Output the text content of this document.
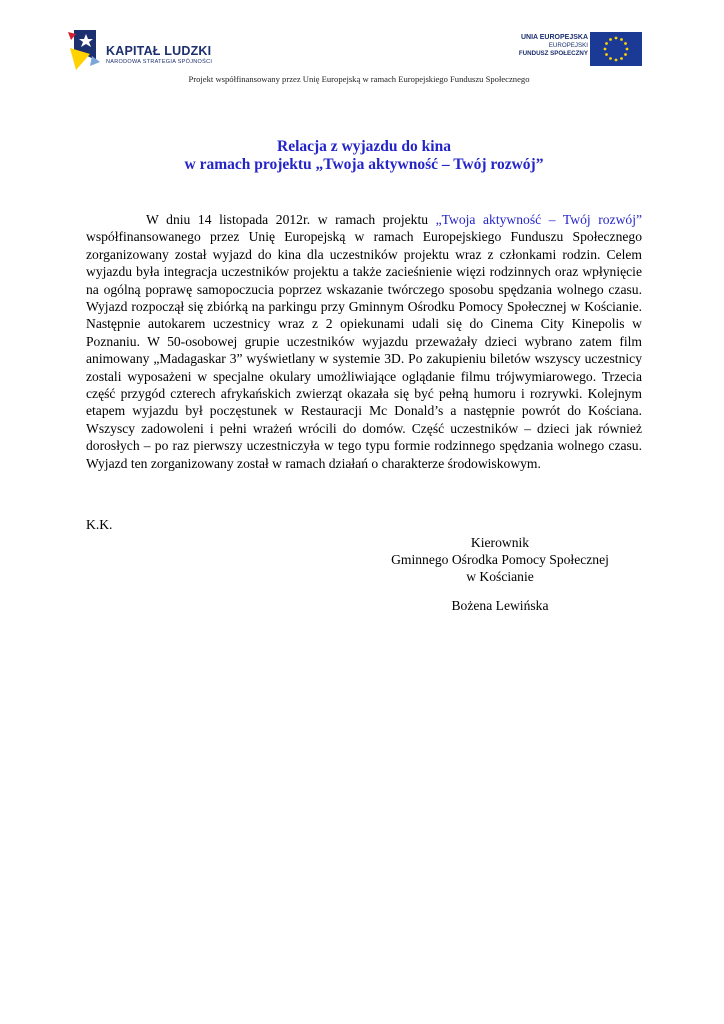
KAPITAŁ LUDZKI
NARODOWA STRATEGIA SPÓJNOŚCI
UNIA EUROPEJSKA
EUROPEJSKI
FUNDUSZ SPOŁECZNY
Projekt współfinansowany przez Unię Europejską w ramach Europejskiego Funduszu Społecznego
Relacja z wyjazdu do kina
w ramach projektu „Twoja aktywność – Twój rozwój”

W dniu 14 listopada 2012r. w ramach projektu „Twoja aktywność – Twój rozwój” współfinansowanego przez Unię Europejską w ramach Europejskiego Funduszu Społecznego zorganizowany został wyjazd do kina dla uczestników projektu wraz z członkami rodzin. Celem wyjazdu była integracja uczestników projektu a także zacieśnienie więzi rodzinnych oraz wpłynięcie na ogólną poprawę samopoczucia poprzez wskazanie twórczego sposobu spędzania wolnego czasu. Wyjazd rozpoczął się zbiórką na parkingu przy Gminnym Ośrodku Pomocy Społecznej w Kościanie. Następnie autokarem uczestnicy wraz z 2 opiekunami udali się do Cinema City Kinepolis w Poznaniu. W 50-osobowej grupie uczestników wyjazdu przeważały dzieci wybrano zatem film animowany „Madagaskar 3” wyświetlany w systemie 3D. Po zakupieniu biletów wszyscy uczestnicy zostali wyposażeni w specjalne okulary umożliwiające oglądanie filmu trójwymiarowego. Trzecia część przygód czterech afrykańskich zwierząt okazała się być pełną humoru i rozrywki. Kolejnym etapem wyjazdu był poczęstunek w Restauracji Mc Donald’s a następnie powrót do Kościana. Wszyscy zadowoleni i pełni wrażeń wrócili do domów. Część uczestników – dzieci jak również dorosłych – po raz pierwszy uczestniczyła w tego typu formie rodzinnego spędzania wolnego czasu. Wyjazd ten zorganizowany został w ramach działań o charakterze środowiskowym.

K.K.
Kierownik
Gminnego Ośrodka Pomocy Społecznej
w Kościanie
Bożena Lewińska
